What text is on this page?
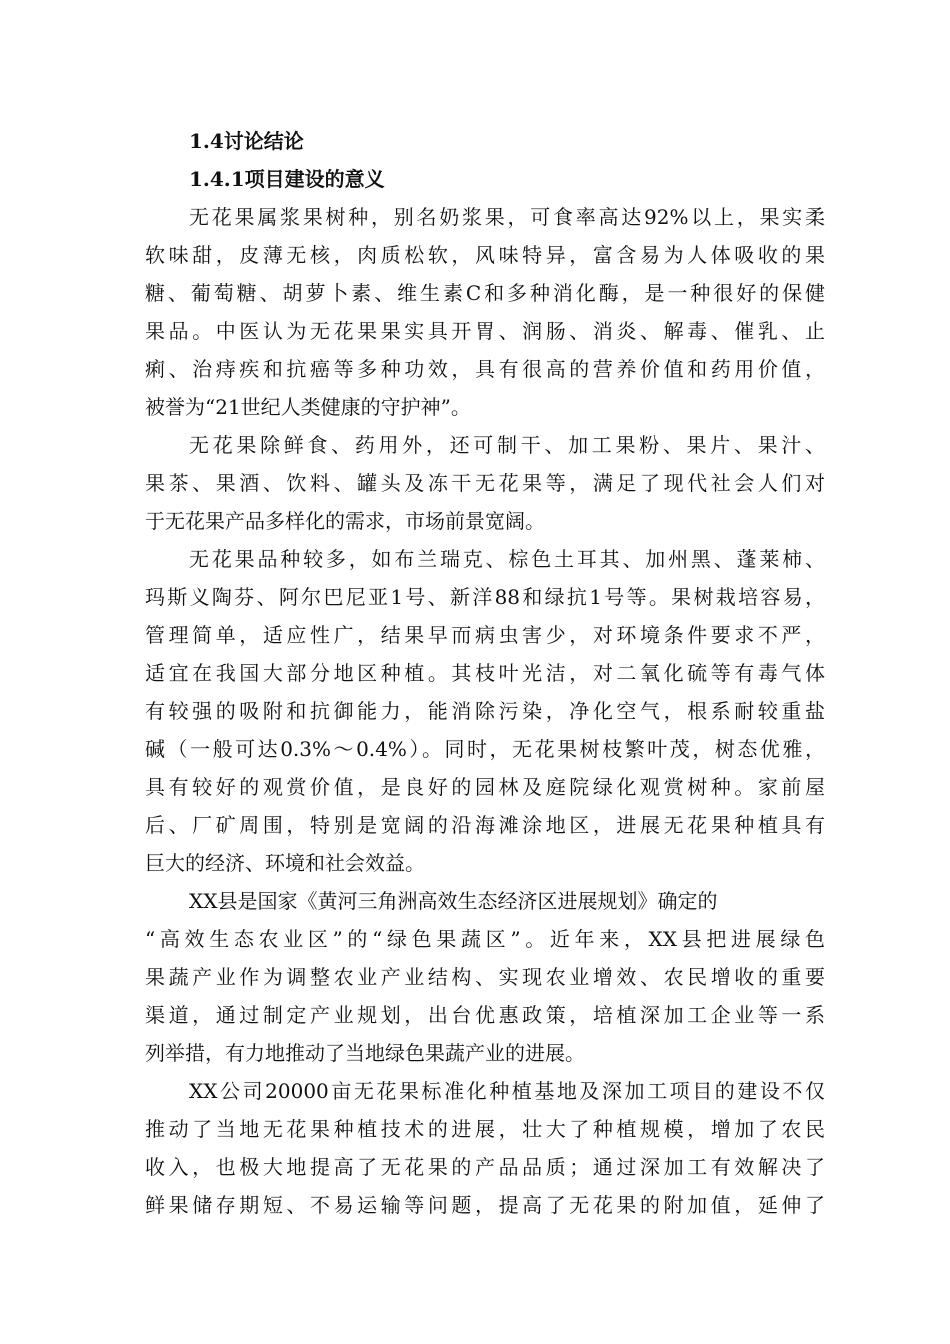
1.4讨论结论
1.4.1项目建设的意义

无花果属浆果树种，别名奶浆果，可食率高达92%以上，果实柔
软味甜，皮薄无核，肉质松软，风味特异，富含易为人体吸收的果
糖、葡萄糖、胡萝卜素、维生素C和多种消化酶，是一种很好的保健
果品。中医认为无花果果实具开胃、润肠、消炎、解毒、催乳、止
痢、治痔疾和抗癌等多种功效，具有很高的营养价值和药用价值，
被誉为“21世纪人类健康的守护神”。

无花果除鲜食、药用外，还可制干、加工果粉、果片、果汁、
果茶、果酒、饮料、罐头及冻干无花果等，满足了现代社会人们对
于无花果产品多样化的需求，市场前景宽阔。

无花果品种较多，如布兰瑞克、棕色土耳其、加州黑、蓬莱柿、
玛斯义陶芬、阿尔巴尼亚1号、新洋88和绿抗1号等。果树栽培容易，
管理简单，适应性广，结果早而病虫害少，对环境条件要求不严，
适宜在我国大部分地区种植。其枝叶光洁，对二氧化硫等有毒气体
有较强的吸附和抗御能力，能消除污染，净化空气，根系耐较重盐
碱（一般可达0.3%～0.4%）。同时，无花果树枝繁叶茂，树态优雅，
具有较好的观赏价值，是良好的园林及庭院绿化观赏树种。家前屋
后、厂矿周围，特别是宽阔的沿海滩涂地区，进展无花果种植具有
巨大的经济、环境和社会效益。

XX县是国家《黄河三角洲高效生态经济区进展规划》确定的
“高效生态农业区”的“绿色果蔬区”。近年来，XX县把进展绿色
果蔬产业作为调整农业产业结构、实现农业增效、农民增收的重要
渠道，通过制定产业规划，出台优惠政策，培植深加工企业等一系
列举措，有力地推动了当地绿色果蔬产业的进展。

XX公司20000亩无花果标准化种植基地及深加工项目的建设不仅
推动了当地无花果种植技术的进展，壮大了种植规模，增加了农民
收入，也极大地提高了无花果的产品品质；通过深加工有效解决了
鲜果储存期短、不易运输等问题，提高了无花果的附加值，延伸了
